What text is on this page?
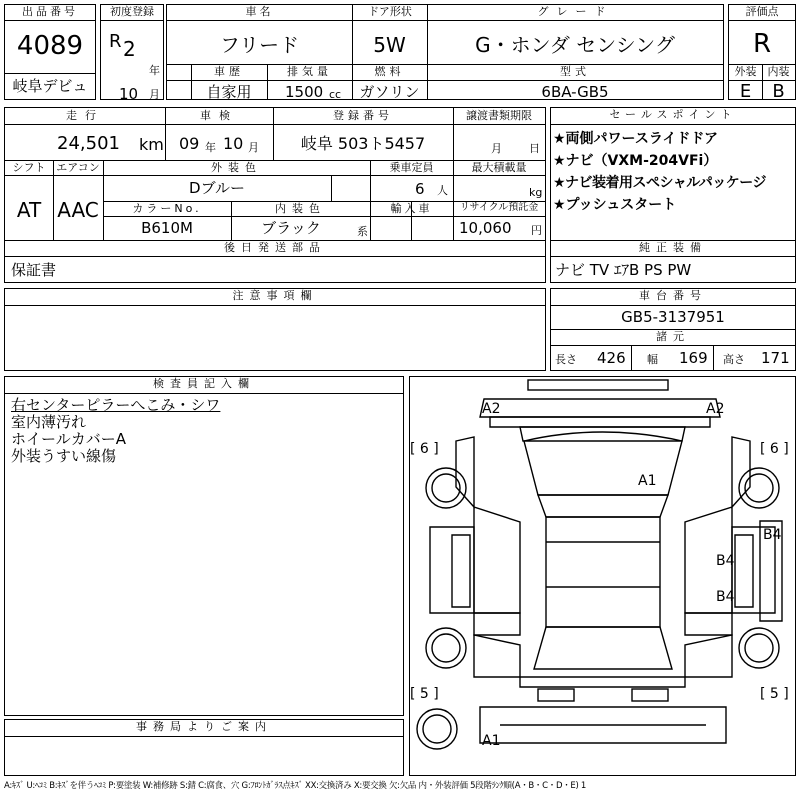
出品番号
4089
岐阜デビュ
初度登録
R 2
年
10 月
車名	ドア形状	グレード
フリード	5W	G・ホンダ センシング
車歴	排気量	燃料	型式
自家用	1500 cc	ガソリン	6BA-GB5
評価点
R
外装	内装
E	B
走行	車検	登録番号	譲渡書類期限
24,501 km 09 年 10 月	岐阜 503ト5457	月 日
シフト エアコン	外装色	乗車定員	最大積載量
AT AAC
Dブルー	6 人	kg
カラーNo.	内装色	輸入車	リサイクル預託金
B610M	ブラック	系	10,060 円
セールスポイント
★両側パワースライドドア
★ナビ（VXM-204VFi）
★ナビ装着用スペシャルパッケージ
★プッシュスタート
後日発送部品
保証書
純正装備
ナビ TV ｴｱB PS PW
注意事項欄	車台番号
GB5-3137951
諸元
長さ 426 幅 169 高さ 171
検査員記入欄
右センターピラーへこみ・シワ
室内薄汚れ
ホイールカバーA
外装うすい線傷
事務局よりご案内
A2	A2
[ 6 ]	[ 6 ]
A1
B4
B4
B4
[ 5 ]	[ 5 ]
A1
A:ｷｽﾞ U:ﾍｺﾐ B:ｷｽﾞを伴うﾍｺﾐ P:要塗装 W:補修跡 S:錆 C:腐食、穴 G:ﾌﾛﾝﾄｶﾞﾗｽ点ｷｽﾞ XX:交換済み X:要交換 欠:欠品 内・外装評価 5段階ﾗﾝｸ順(A・B・C・D・E) 1
